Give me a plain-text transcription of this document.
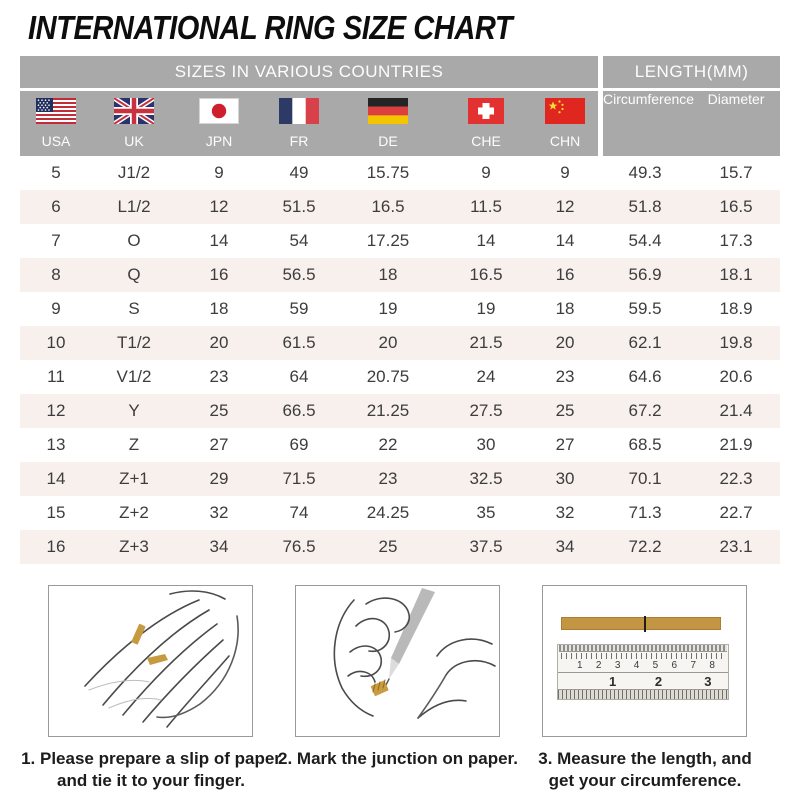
INTERNATIONAL RING SIZE CHART
SIZES IN VARIOUS COUNTRIES							LENGTH(MM)	

USA	UK	JPN	FR	DE	CHE	CHN	Circumference	Diameter
5	J1/2	9	49	15.75	9	9	49.3	15.7
6	L1/2	12	51.5	16.5	11.5	12	51.8	16.5
7	O	14	54	17.25	14	14	54.4	17.3
8	Q	16	56.5	18	16.5	16	56.9	18.1
9	S	18	59	19	19	18	59.5	18.9
10	T1/2	20	61.5	20	21.5	20	62.1	19.8
11	V1/2	23	64	20.75	24	23	64.6	20.6
12	Y	25	66.5	21.25	27.5	25	67.2	21.4
13	Z	27	69	22	30	27	68.5	21.9
14	Z+1	29	71.5	23	32.5	30	70.1	22.3
15	Z+2	32	74	24.25	35	32	71.3	22.7
16	Z+3	34	76.5	25	37.5	34	72.2	23.1
1. Please prepare a slip of paper
and tie it to your finger.
2. Mark the junction on paper.
1 2 3 4 5 6 7 8
1	2	3
3. Measure the length, and
get your circumference.
